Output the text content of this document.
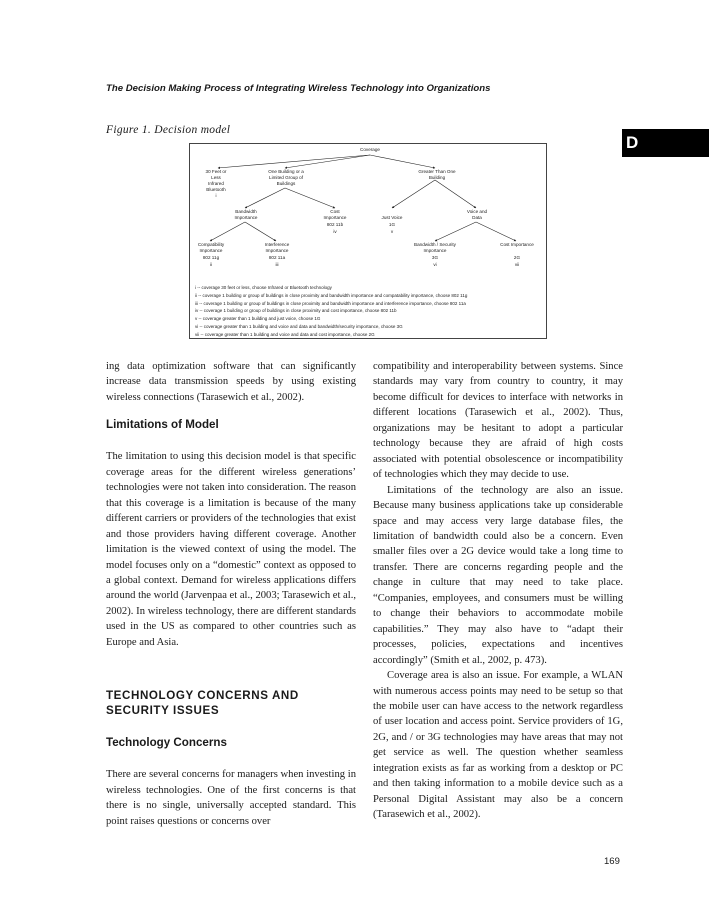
The Decision Making Process of Integrating Wireless Technology into Organizations
D
Figure 1. Decision model
Coverage
30 Feet or
Less
Infrared
Bluetooth
i
One Building or a
Limited Group of
Buildings
Greater Than One
Building
Bandwidth
Importance
Cost
Importance
802 11b
iv
Just Voice
1G
v
Voice and
Data
Compatibility
Importance
802 11g
ii
Interference
Importance
802 11a
iii
Bandwidth / Security
Importance
3G
vi
Cost Importance
2G
vii
i -- coverage 30 feet or less, choose Infrared or Bluetooth technology
ii -- coverage 1 building or group of buildings in close proximity and bandwidth importance and compatability importance, choose 802 11g
iii -- coverage 1 building or group of buildings in close proximity and bandwidth importance and interference importance, choose 802 11a
iv -- coverage 1 building or group of buildings in close proximity and cost importance, choose 802 11b
v -- coverage greater than 1 building and just voice, choose 1G
vi -- coverage greater than 1 building and voice and data and bandwidth/security importance, choose 3G
vii -- coverage greater than 1 building and voice and data and cost importance, choose 2G

ing data optimization software that can significantly increase data transmission speeds by using existing wireless connections (Tarasewich et al., 2002).

Limitations of Model

The limitation to using this decision model is that specific coverage areas for the different wireless generations’ technologies were not taken into consideration. The reason that this coverage is a limitation is because of the many different carriers or providers of the technologies that exist and those providers having different coverage. Another limitation is the viewed context of using the model. The model focuses only on a “domestic” context as opposed to a global context. Demand for wireless applications differs around the world (Jarvenpaa et al., 2003; Tarasewich et al., 2002). In wireless technology, there are different standards used in the US as compared to other countries such as Europe and Asia.

TECHNOLOGY CONCERNS AND SECURITY ISSUES
Technology Concerns

There are several concerns for managers when investing in wireless technologies. One of the first concerns is that there is no single, universally accepted standard. This point raises questions or concerns over

compatibility and interoperability between systems. Since standards may vary from country to country, it may become difficult for devices to interface with networks in different locations (Tarasewich et al., 2002). Thus, organizations may be hesitant to adopt a particular technology because they are afraid of high costs associated with potential obsolescence or incompatibility of technologies which they may decide to use.

Limitations of the technology are also an issue. Because many business applications take up considerable space and may access very large database files, the limitation of bandwidth could also be a concern. Even smaller files over a 2G device would take a long time to transfer. There are concerns regarding people and the change in culture that may need to take place. “Companies, employees, and consumers must be willing to change their behaviors to accommodate mobile capabilities.” They may also have to “adapt their processes, policies, expectations and incentives accordingly” (Smith et al., 2002, p. 473).

Coverage area is also an issue. For example, a WLAN with numerous access points may need to be setup so that the mobile user can have access to the network regardless of user location and access point. Service providers of 1G, 2G, and / or 3G technologies may have areas that may not get service as well. The question whether seamless integration exists as far as working from a desktop or PC and then taking information to a mobile device such as a Personal Digital Assistant may also be a concern (Tarasewich et al., 2002).

169
